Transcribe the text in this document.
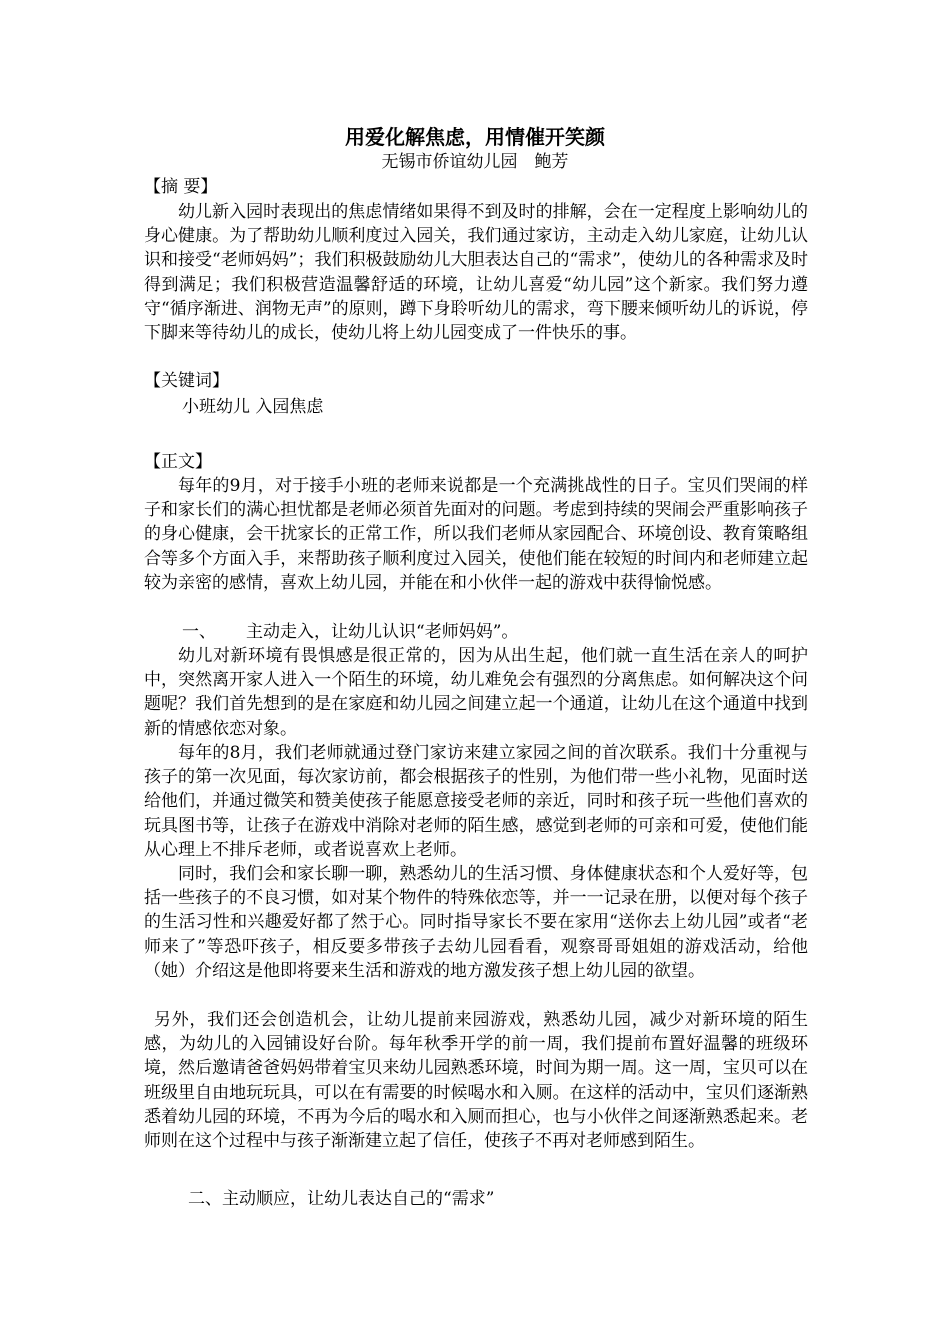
用爱化解焦虑，用情催开笑颜
无锡市侨谊幼儿园　鲍芳

【摘 要】

幼儿新入园时表现出的焦虑情绪如果得不到及时的排解，会在一定程度上影响幼儿的身心健康。为了帮助幼儿顺利度过入园关，我们通过家访，主动走入幼儿家庭，让幼儿认识和接受“老师妈妈”；我们积极鼓励幼儿大胆表达自己的“需求”，使幼儿的各种需求及时得到满足；我们积极营造温馨舒适的环境，让幼儿喜爱“幼儿园”这个新家。我们努力遵守“循序渐进、润物无声”的原则，蹲下身聆听幼儿的需求，弯下腰来倾听幼儿的诉说，停下脚来等待幼儿的成长，使幼儿将上幼儿园变成了一件快乐的事。

【关键词】

小班幼儿 入园焦虑

【正文】

每年的9月，对于接手小班的老师来说都是一个充满挑战性的日子。宝贝们哭闹的样子和家长们的满心担忧都是老师必须首先面对的问题。考虑到持续的哭闹会严重影响孩子的身心健康，会干扰家长的正常工作，所以我们老师从家园配合、环境创设、教育策略组合等多个方面入手，来帮助孩子顺利度过入园关，使他们能在较短的时间内和老师建立起较为亲密的感情，喜欢上幼儿园，并能在和小伙伴一起的游戏中获得愉悦感。

一、 主动走入，让幼儿认识“老师妈妈”。

幼儿对新环境有畏惧感是很正常的，因为从出生起，他们就一直生活在亲人的呵护中，突然离开家人进入一个陌生的环境，幼儿难免会有强烈的分离焦虑。如何解决这个问题呢？我们首先想到的是在家庭和幼儿园之间建立起一个通道，让幼儿在这个通道中找到新的情感依恋对象。

每年的8月，我们老师就通过登门家访来建立家园之间的首次联系。我们十分重视与孩子的第一次见面，每次家访前，都会根据孩子的性别，为他们带一些小礼物，见面时送给他们，并通过微笑和赞美使孩子能愿意接受老师的亲近，同时和孩子玩一些他们喜欢的玩具图书等，让孩子在游戏中消除对老师的陌生感，感觉到老师的可亲和可爱，使他们能从心理上不排斥老师，或者说喜欢上老师。

同时，我们会和家长聊一聊，熟悉幼儿的生活习惯、身体健康状态和个人爱好等，包括一些孩子的不良习惯，如对某个物件的特殊依恋等，并一一记录在册，以便对每个孩子的生活习性和兴趣爱好都了然于心。同时指导家长不要在家用“送你去上幼儿园”或者“老师来了”等恐吓孩子，相反要多带孩子去幼儿园看看，观察哥哥姐姐的游戏活动，给他（她）介绍这是他即将要来生活和游戏的地方激发孩子想上幼儿园的欲望。

另外，我们还会创造机会，让幼儿提前来园游戏，熟悉幼儿园，减少对新环境的陌生感，为幼儿的入园铺设好台阶。每年秋季开学的前一周，我们提前布置好温馨的班级环境，然后邀请爸爸妈妈带着宝贝来幼儿园熟悉环境，时间为期一周。这一周，宝贝可以在班级里自由地玩玩具，可以在有需要的时候喝水和入厕。在这样的活动中，宝贝们逐渐熟悉着幼儿园的环境，不再为今后的喝水和入厕而担心，也与小伙伴之间逐渐熟悉起来。老师则在这个过程中与孩子渐渐建立起了信任，使孩子不再对老师感到陌生。

二、主动顺应，让幼儿表达自己的“需求”
